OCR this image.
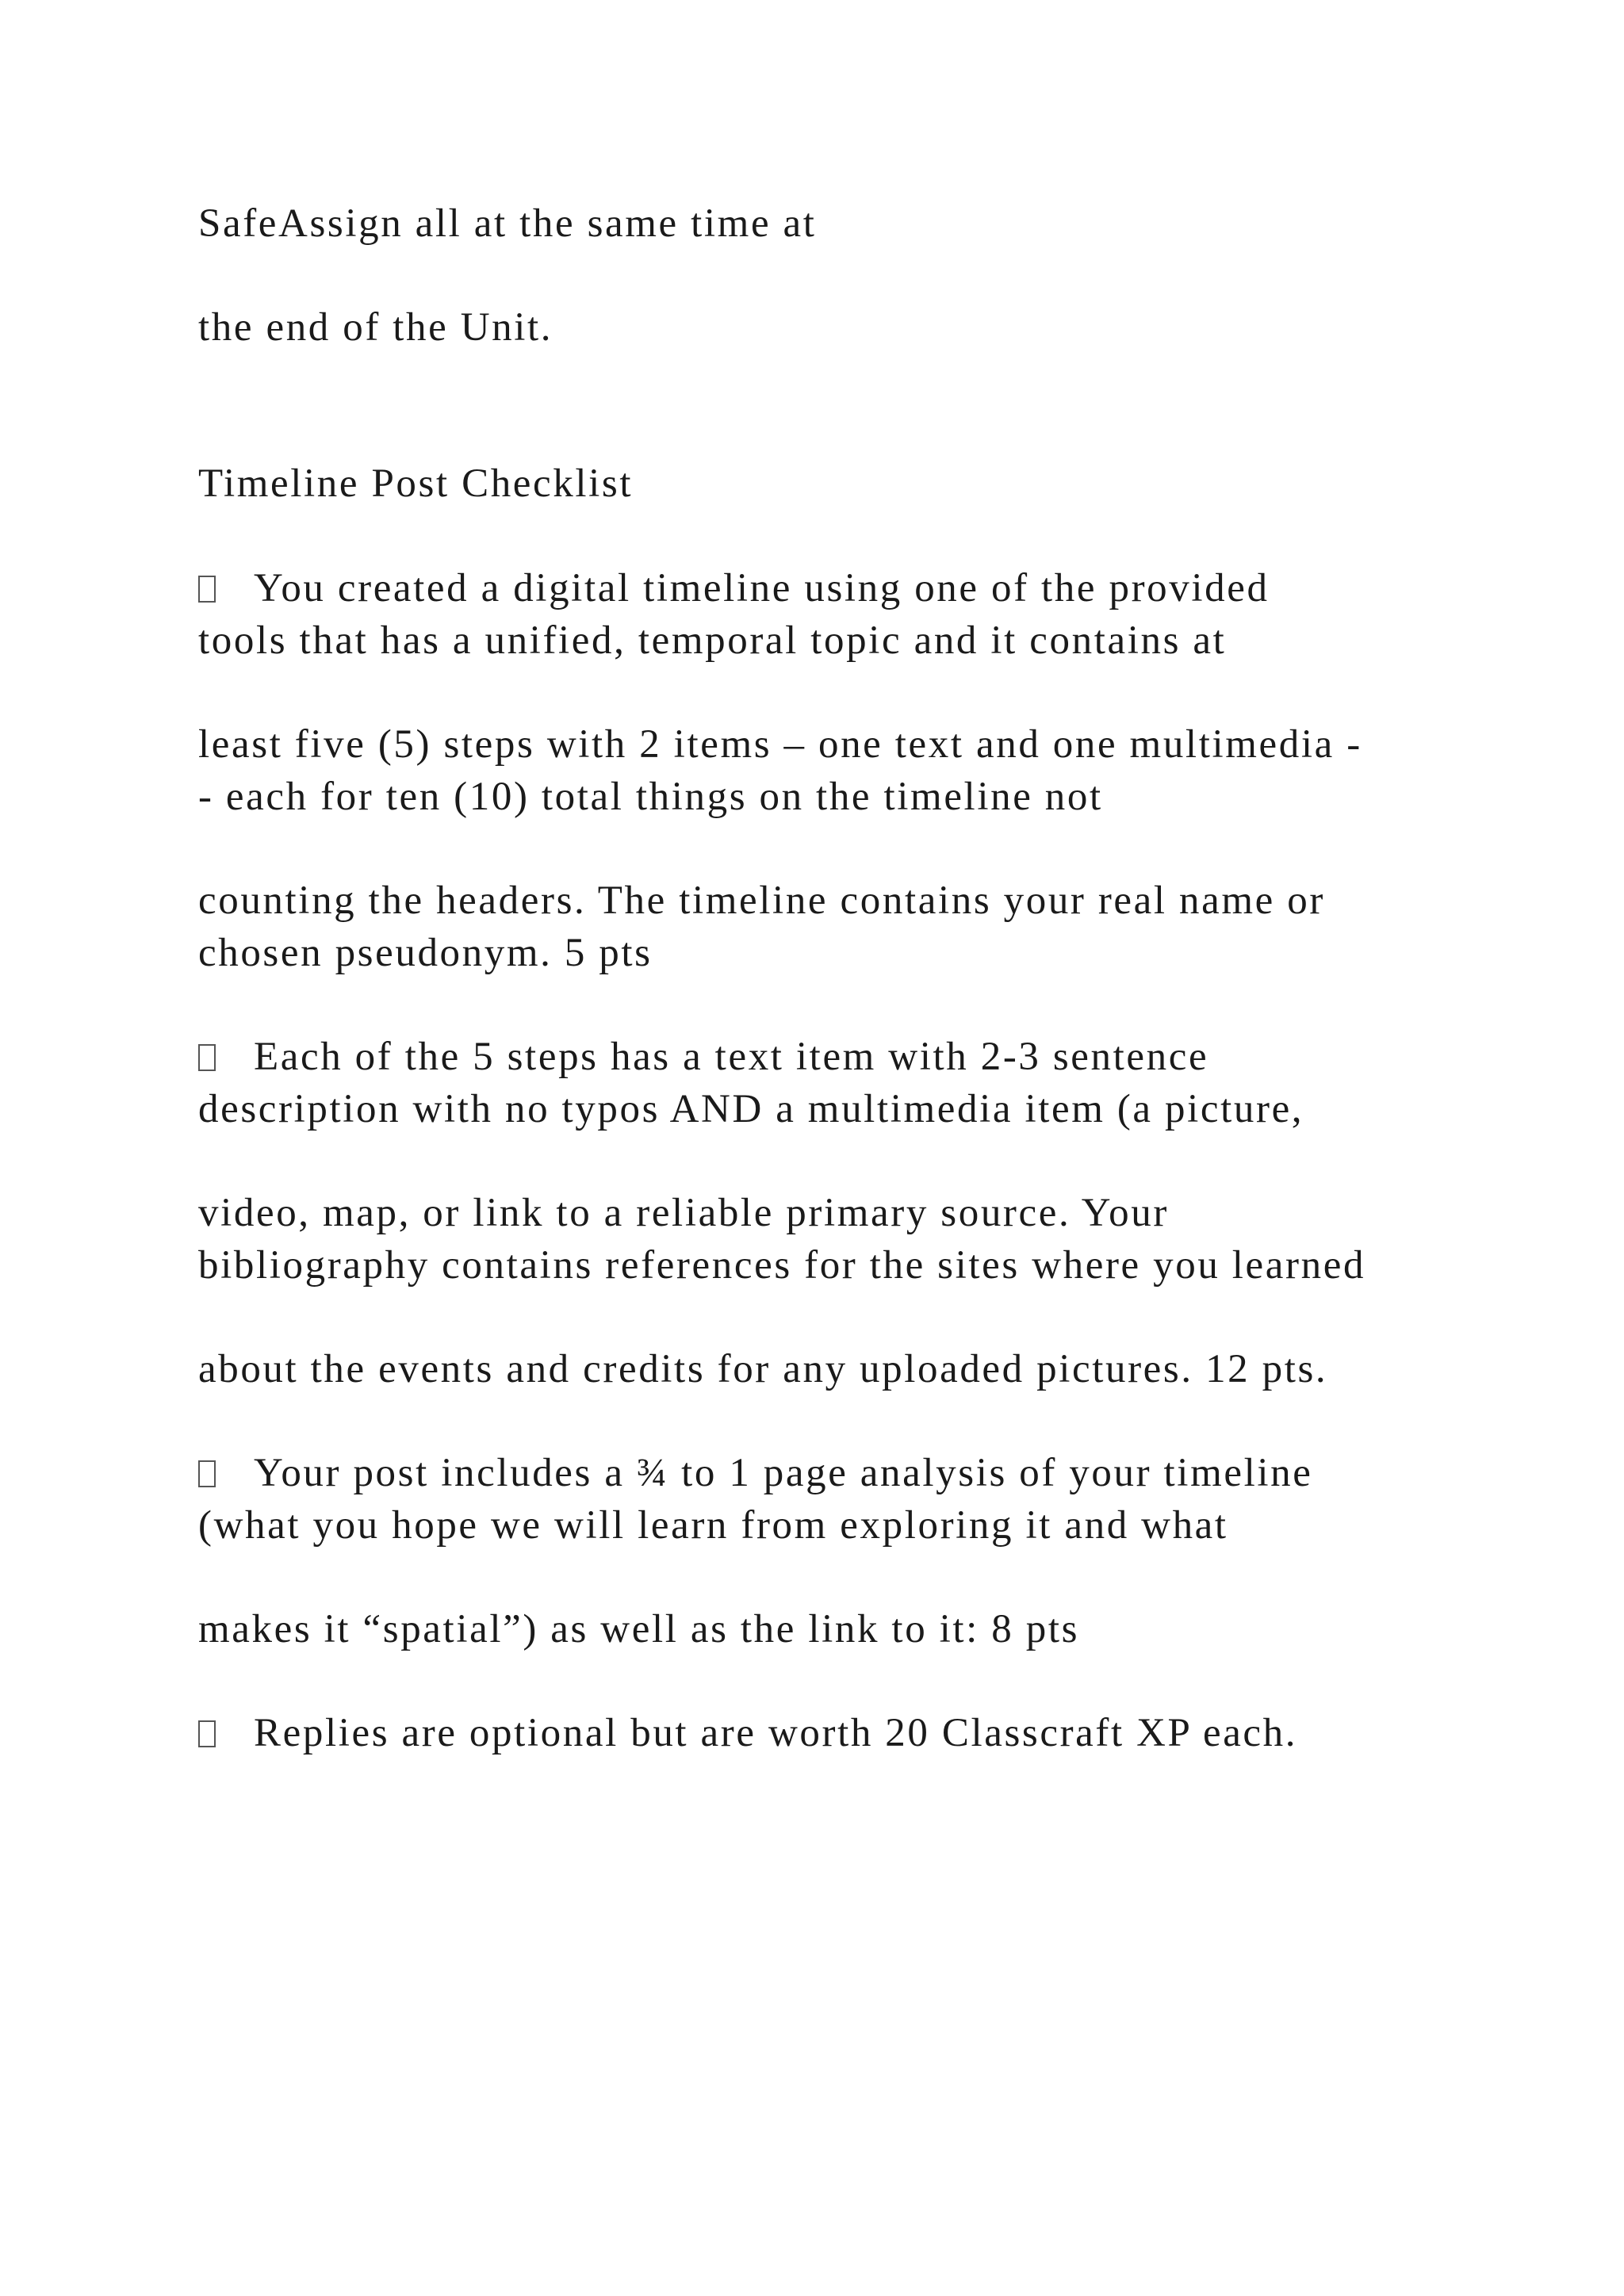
SafeAssign all at the same time at
the end of the Unit.
Timeline Post Checklist
You created a digital timeline using one of the provided
tools that has a unified, temporal topic and it contains at
least five (5) steps with 2 items – one text and one multimedia -
- each for ten (10) total things on the timeline not
counting the headers. The timeline contains your real name or
chosen pseudonym. 5 pts
Each of the 5 steps has a text item with 2-3 sentence
description with no typos AND a multimedia item (a picture,
video, map, or link to a reliable primary source. Your
bibliography contains references for the sites where you learned
about the events and credits for any uploaded pictures. 12 pts.
Your post includes a ¾ to 1 page analysis of your timeline
(what you hope we will learn from exploring it and what
makes it “spatial”) as well as the link to it: 8 pts
Replies are optional but are worth 20 Classcraft XP each.
